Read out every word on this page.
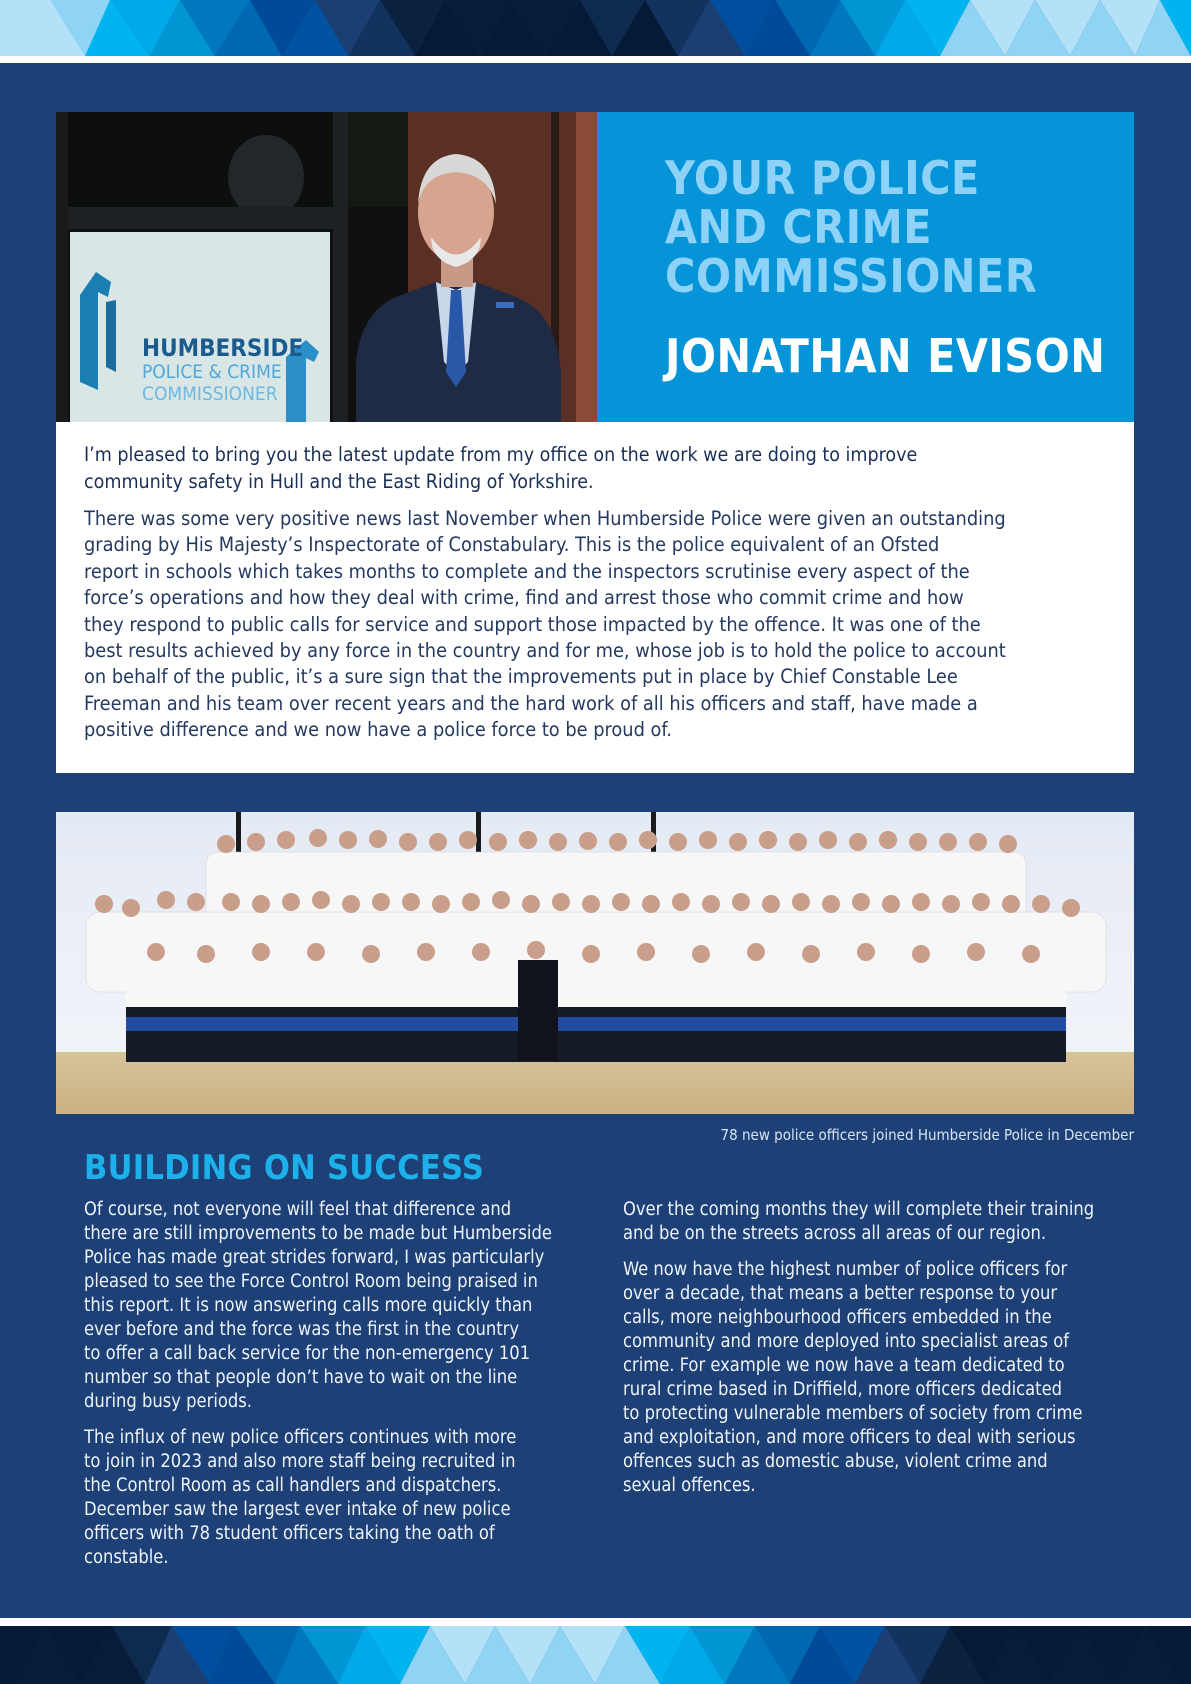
HUMBERSIDE
POLICE & CRIME
COMMISSIONER
YOUR POLICE
AND CRIME
COMMISSIONER
JONATHAN EVISON
I’m pleased to bring you the latest update from my office on the work we are doing to improve
community safety in Hull and the East Riding of Yorkshire.
There was some very positive news last November when Humberside Police were given an outstanding
grading by His Majesty’s Inspectorate of Constabulary. This is the police equivalent of an Ofsted
report in schools which takes months to complete and the inspectors scrutinise every aspect of the
force’s operations and how they deal with crime, find and arrest those who commit crime and how
they respond to public calls for service and support those impacted by the offence. It was one of the
best results achieved by any force in the country and for me, whose job is to hold the police to account
on behalf of the public, it’s a sure sign that the improvements put in place by Chief Constable Lee
Freeman and his team over recent years and the hard work of all his officers and staff, have made a
positive difference and we now have a police force to be proud of.
78 new police officers joined Humberside Police in December
BUILDING ON SUCCESS

Of course, not everyone will feel that difference and
there are still improvements to be made but Humberside
Police has made great strides forward, I was particularly
pleased to see the Force Control Room being praised in
this report. It is now answering calls more quickly than
ever before and the force was the first in the country
to offer a call back service for the non-emergency 101
number so that people don’t have to wait on the line
during busy periods.

The influx of new police officers continues with more
to join in 2023 and also more staff being recruited in
the Control Room as call handlers and dispatchers.
December saw the largest ever intake of new police
officers with 78 student officers taking the oath of
constable.

Over the coming months they will complete their training
and be on the streets across all areas of our region.

We now have the highest number of police officers for
over a decade, that means a better response to your
calls, more neighbourhood officers embedded in the
community and more deployed into specialist areas of
crime. For example we now have a team dedicated to
rural crime based in Driffield, more officers dedicated
to protecting vulnerable members of society from crime
and exploitation, and more officers to deal with serious
offences such as domestic abuse, violent crime and
sexual offences.
